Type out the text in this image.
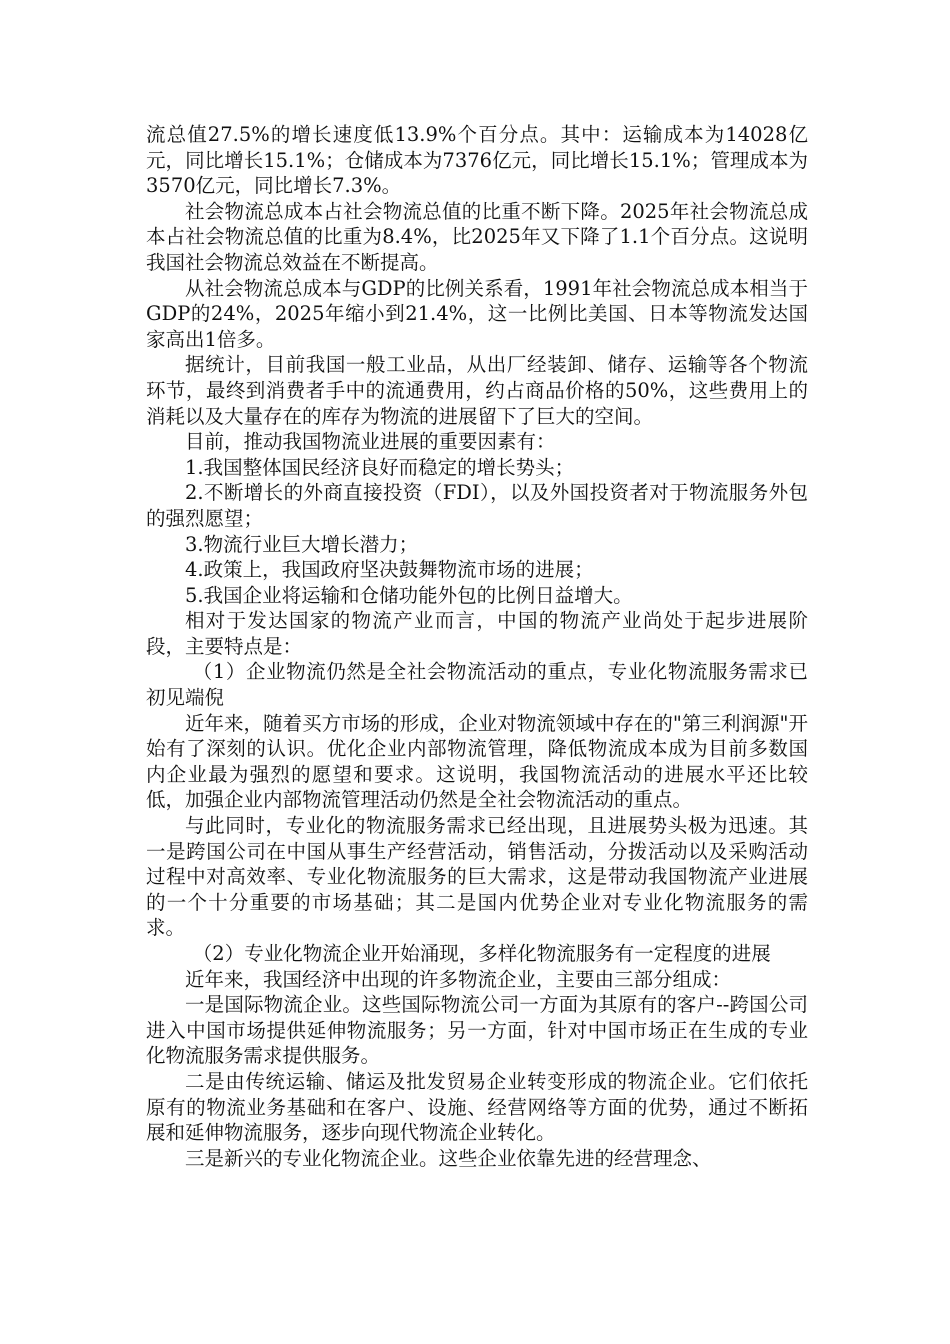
流总值27.5%的增长速度低13.9%个百分点。其中：运输成本为14028亿元，同比增长15.1%；仓储成本为7376亿元，同比增长15.1%；管理成本为3570亿元，同比增长7.3%。

社会物流总成本占社会物流总值的比重不断下降。2025年社会物流总成本占社会物流总值的比重为8.4%，比2025年又下降了1.1个百分点。这说明我国社会物流总效益在不断提高。

从社会物流总成本与GDP的比例关系看，1991年社会物流总成本相当于GDP的24%，2025年缩小到21.4%，这一比例比美国、日本等物流发达国家高出1倍多。

据统计，目前我国一般工业品，从出厂经装卸、储存、运输等各个物流环节，最终到消费者手中的流通费用，约占商品价格的50%，这些费用上的消耗以及大量存在的库存为物流的进展留下了巨大的空间。

目前，推动我国物流业进展的重要因素有：

1.我国整体国民经济良好而稳定的增长势头；

2.不断增长的外商直接投资（FDI），以及外国投资者对于物流服务外包的强烈愿望；

3.物流行业巨大增长潜力；

4.政策上，我国政府坚决鼓舞物流市场的进展；

5.我国企业将运输和仓储功能外包的比例日益增大。

相对于发达国家的物流产业而言，中国的物流产业尚处于起步进展阶段，主要特点是：

（1）企业物流仍然是全社会物流活动的重点，专业化物流服务需求已初见端倪

近年来，随着买方市场的形成，企业对物流领域中存在的"第三利润源"开始有了深刻的认识。优化企业内部物流管理，降低物流成本成为目前多数国内企业最为强烈的愿望和要求。这说明，我国物流活动的进展水平还比较低，加强企业内部物流管理活动仍然是全社会物流活动的重点。

与此同时，专业化的物流服务需求已经出现，且进展势头极为迅速。其一是跨国公司在中国从事生产经营活动，销售活动，分拨活动以及采购活动过程中对高效率、专业化物流服务的巨大需求，这是带动我国物流产业进展的一个十分重要的市场基础；其二是国内优势企业对专业化物流服务的需求。

（2）专业化物流企业开始涌现，多样化物流服务有一定程度的进展

近年来，我国经济中出现的许多物流企业，主要由三部分组成：

一是国际物流企业。这些国际物流公司一方面为其原有的客户--跨国公司进入中国市场提供延伸物流服务；另一方面，针对中国市场正在生成的专业化物流服务需求提供服务。

二是由传统运输、储运及批发贸易企业转变形成的物流企业。它们依托原有的物流业务基础和在客户、设施、经营网络等方面的优势，通过不断拓展和延伸物流服务，逐步向现代物流企业转化。

三是新兴的专业化物流企业。这些企业依靠先进的经营理念、
